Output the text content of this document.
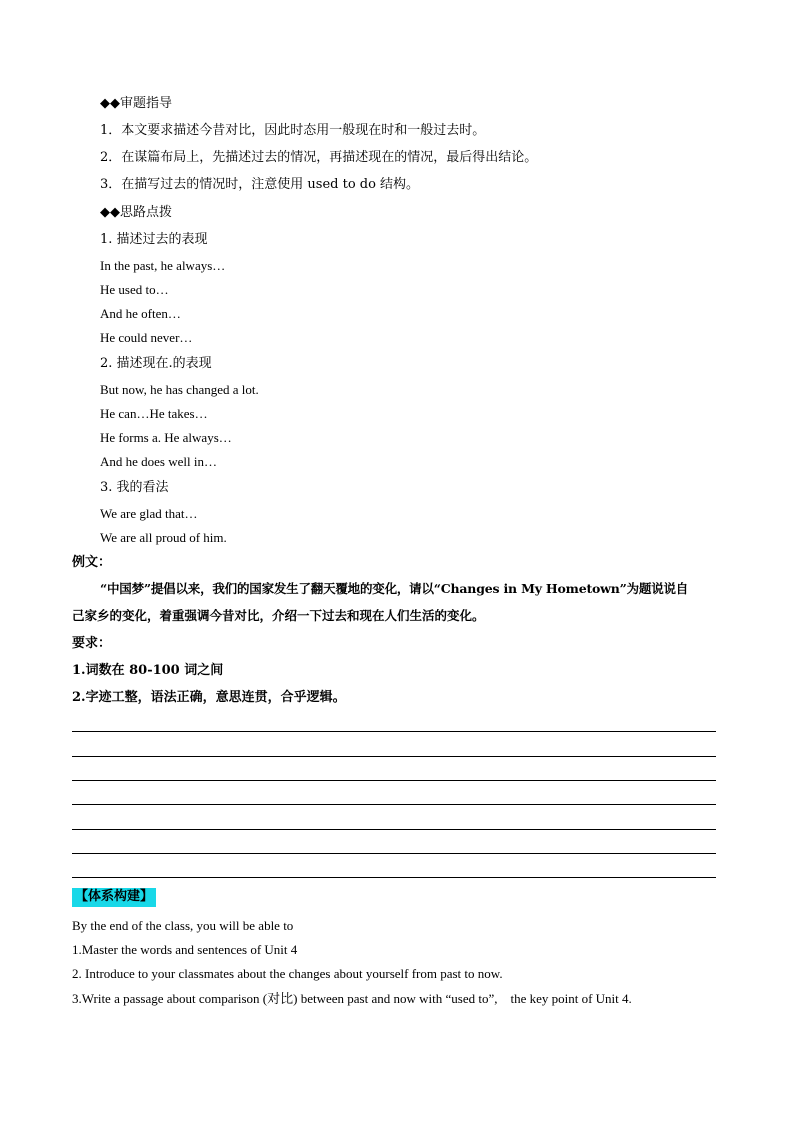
◆◆审题指导
1．本文要求描述今昔对比，因此时态用一般现在时和一般过去时。
2．在谋篇布局上，先描述过去的情况，再描述现在的情况，最后得出结论。
3．在描写过去的情况时，注意使用 used to do 结构。
◆◆思路点拨
1. 描述过去的表现
In the past, he always…
He used to…
And he often…
He could never…
2. 描述现在.的表现
But now, he has changed a lot.
He can…He takes…
He forms a. He always…
And he does well in…
3. 我的看法
We are glad that…
We are all proud of him.
例文：
“中国梦”提倡以来，我们的国家发生了翻天覆地的变化，请以“Changes in My Hometown”为题说说自
己家乡的变化，着重强调今昔对比，介绍一下过去和现在人们生活的变化。
要求：
1.词数在 80-100 词之间
2.字迹工整，语法正确，意思连贯，合乎逻辑。
【体系构建】
By the end of the class, you will be able to
1.Master the words and sentences of Unit 4
2. Introduce to your classmates about the changes about yourself from past to now.
3.Write a passage about comparison (对比) between past and now with “used to”,    the key point of Unit 4.
